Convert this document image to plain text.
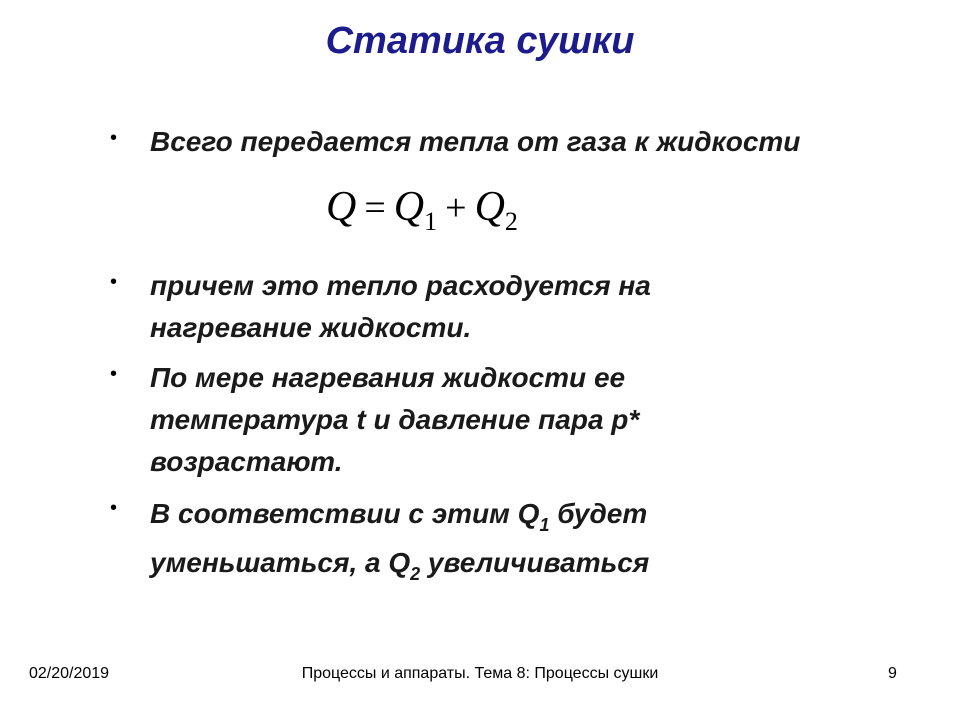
Статика сушки
• Всего передается тепла от газа к жидкости
$Q = Q_1 + Q_2$
• причем это тепло расходуется на нагревание жидкости.
• По мере нагревания жидкости ее температура t и давление пара р* возрастают.
• В соответствии с этим $Q_1$ будет уменьшаться, а $Q_2$ увеличиваться
02/20/2019	Процессы и аппараты. Тема 8: Процессы сушки	9
